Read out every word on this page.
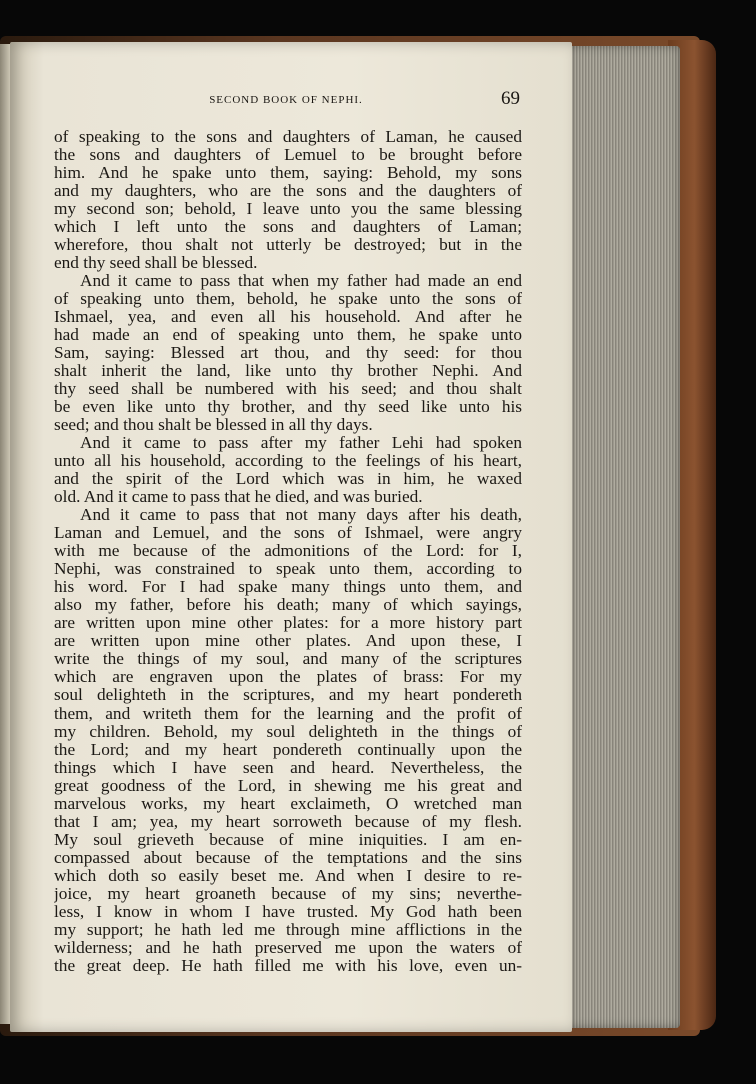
SECOND BOOK OF NEPHI.	69
of speaking to the sons and daughters of Laman, he caused
the sons and daughters of Lemuel to be brought before
him. And he spake unto them, saying: Behold, my sons
and my daughters, who are the sons and the daughters of
my second son; behold, I leave unto you the same blessing
which I left unto the sons and daughters of Laman;
wherefore, thou shalt not utterly be destroyed; but in the
end thy seed shall be blessed.
And it came to pass that when my father had made an end
of speaking unto them, behold, he spake unto the sons of
Ishmael, yea, and even all his household. And after he
had made an end of speaking unto them, he spake unto
Sam, saying: Blessed art thou, and thy seed: for thou
shalt inherit the land, like unto thy brother Nephi. And
thy seed shall be numbered with his seed; and thou shalt
be even like unto thy brother, and thy seed like unto his
seed; and thou shalt be blessed in all thy days.
And it came to pass after my father Lehi had spoken
unto all his household, according to the feelings of his heart,
and the spirit of the Lord which was in him, he waxed
old. And it came to pass that he died, and was buried.
And it came to pass that not many days after his death,
Laman and Lemuel, and the sons of Ishmael, were angry
with me because of the admonitions of the Lord: for I,
Nephi, was constrained to speak unto them, according to
his word. For I had spake many things unto them, and
also my father, before his death; many of which sayings,
are written upon mine other plates: for a more history part
are written upon mine other plates. And upon these, I
write the things of my soul, and many of the scriptures
which are engraven upon the plates of brass: For my
soul delighteth in the scriptures, and my heart pondereth
them, and writeth them for the learning and the profit of
my children. Behold, my soul delighteth in the things of
the Lord; and my heart pondereth continually upon the
things which I have seen and heard. Nevertheless, the
great goodness of the Lord, in shewing me his great and
marvelous works, my heart exclaimeth, O wretched man
that I am; yea, my heart sorroweth because of my flesh.
My soul grieveth because of mine iniquities. I am en-
compassed about because of the temptations and the sins
which doth so easily beset me. And when I desire to re-
joice, my heart groaneth because of my sins; neverthe-
less, I know in whom I have trusted. My God hath been
my support; he hath led me through mine afflictions in the
wilderness; and he hath preserved me upon the waters of
the great deep. He hath filled me with his love, even un-
